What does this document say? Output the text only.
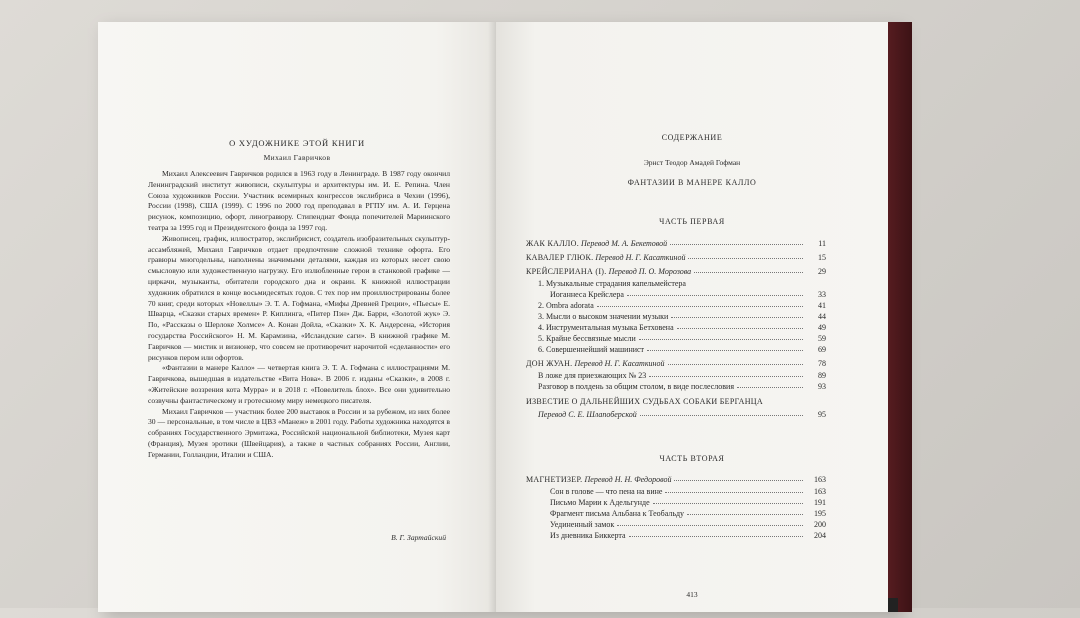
О ХУДОЖНИКЕ ЭТОЙ КНИГИ
Михаил Гавричков

Михаил Алексеевич Гавричков родился в 1963 году в Ленинграде. В 1987 году окончил Ленинградский институт живописи, скульптуры и архитектуры им. И. Е. Репина. Член Союза художников России. Участник всемирных конгрессов экслибриса в Чехии (1996), России (1998), США (1999). С 1996 по 2000 год преподавал в РГПУ им. А. И. Герцена рисунок, композицию, офорт, линогравюру. Стипендиат Фонда попечителей Мариинского театра за 1995 год и Президентского фонда за 1997 год.

Живописец, график, иллюстратор, экслибрисист, создатель изобразительных скульптур-ассамбляжей, Михаил Гавричков отдает предпочтение сложной технике офорта. Его гравюры многодельны, наполнены значимыми деталями, каждая из которых несет свою смысловую или художественную нагрузку. Его излюбленные герои в станковой графике — циркачи, музыканты, обитатели городского дна и окраин. К книжной иллюстрации художник обратился в конце восьмидесятых годов. С тех пор им проиллюстрированы более 70 книг, среди которых «Новеллы» Э. Т. А. Гофмана, «Мифы Древней Греции», «Пьесы» Е. Шварца, «Сказки старых времен» Р. Киплинга, «Питер Пэн» Дж. Барри, «Золотой жук» Э. По, «Рассказы о Шерлоке Холмсе» А. Конан Дойла, «Сказки» Х. К. Андерсена, «История государства Российского» Н. М. Карамзина, «Исландские саги». В книжной графике М. Гавричков — мистик и визионер, что совсем не противоречит нарочитой «сделанности» его рисунков пером или офортов.

«Фантазии в манере Калло» — четвертая книга Э. Т. А. Гофмана с иллюстрациями М. Гавричкова, вышедшая в издательстве «Вита Нова». В 2006 г. изданы «Сказки», в 2008 г. «Житейские воззрения кота Мурра» и в 2018 г. «Повелитель блох». Все они удивительно созвучны фантастическому и гротескному миру немецкого писателя.

Михаил Гавричков — участник более 200 выставок в России и за рубежом, из них более 30 — персональные, в том числе в ЦВЗ «Манеж» в 2001 году. Работы художника находятся в собраниях Государственного Эрмитажа, Российской национальной библиотеки, Музея карт (Франция), Музея эротики (Швейцария), а также в частных собраниях России, Англии, Германии, Голландии, Италии и США.

В. Г. Зартайский
СОДЕРЖАНИЕ
Эрнст Теодор Амадей Гофман
ФАНТАЗИИ В МАНЕРЕ КАЛЛО
ЧАСТЬ ПЕРВАЯ
ЖАК КАЛЛО. Перевод М. А. Бекетовой	11
КАВАЛЕР ГЛЮК. Перевод Н. Г. Касаткиной	15
КРЕЙСЛЕРИАНА (I). Перевод П. О. Морозова	29
1. Музыкальные страдания капельмейстера
Иоганнеса Крейслера	33
2. Ombra adorata	41
3. Мысли о высоком значении музыки	44
4. Инструментальная музыка Бетховена	49
5. Крайне бессвязные мысли	59
6. Совершеннейший машинист	69
ДОН ЖУАН. Перевод Н. Г. Касаткиной	78
В ложе для приезжающих № 23	89
Разговор в полдень за общим столом, в виде послесловия	93
ИЗВЕСТИЕ О ДАЛЬНЕЙШИХ СУДЬБАХ СОБАКИ БЕРГАНЦА
Перевод С. Е. Шлапоберской	95
ЧАСТЬ ВТОРАЯ
МАГНЕТИЗЕР. Перевод Н. Н. Федоровой	163
Сон в голове — что пена на вине	163
Письмо Марии к Адельгунде	191
Фрагмент письма Альбана к Теобальду	195
Уединенный замок	200
Из дневника Биккерта	204
413
